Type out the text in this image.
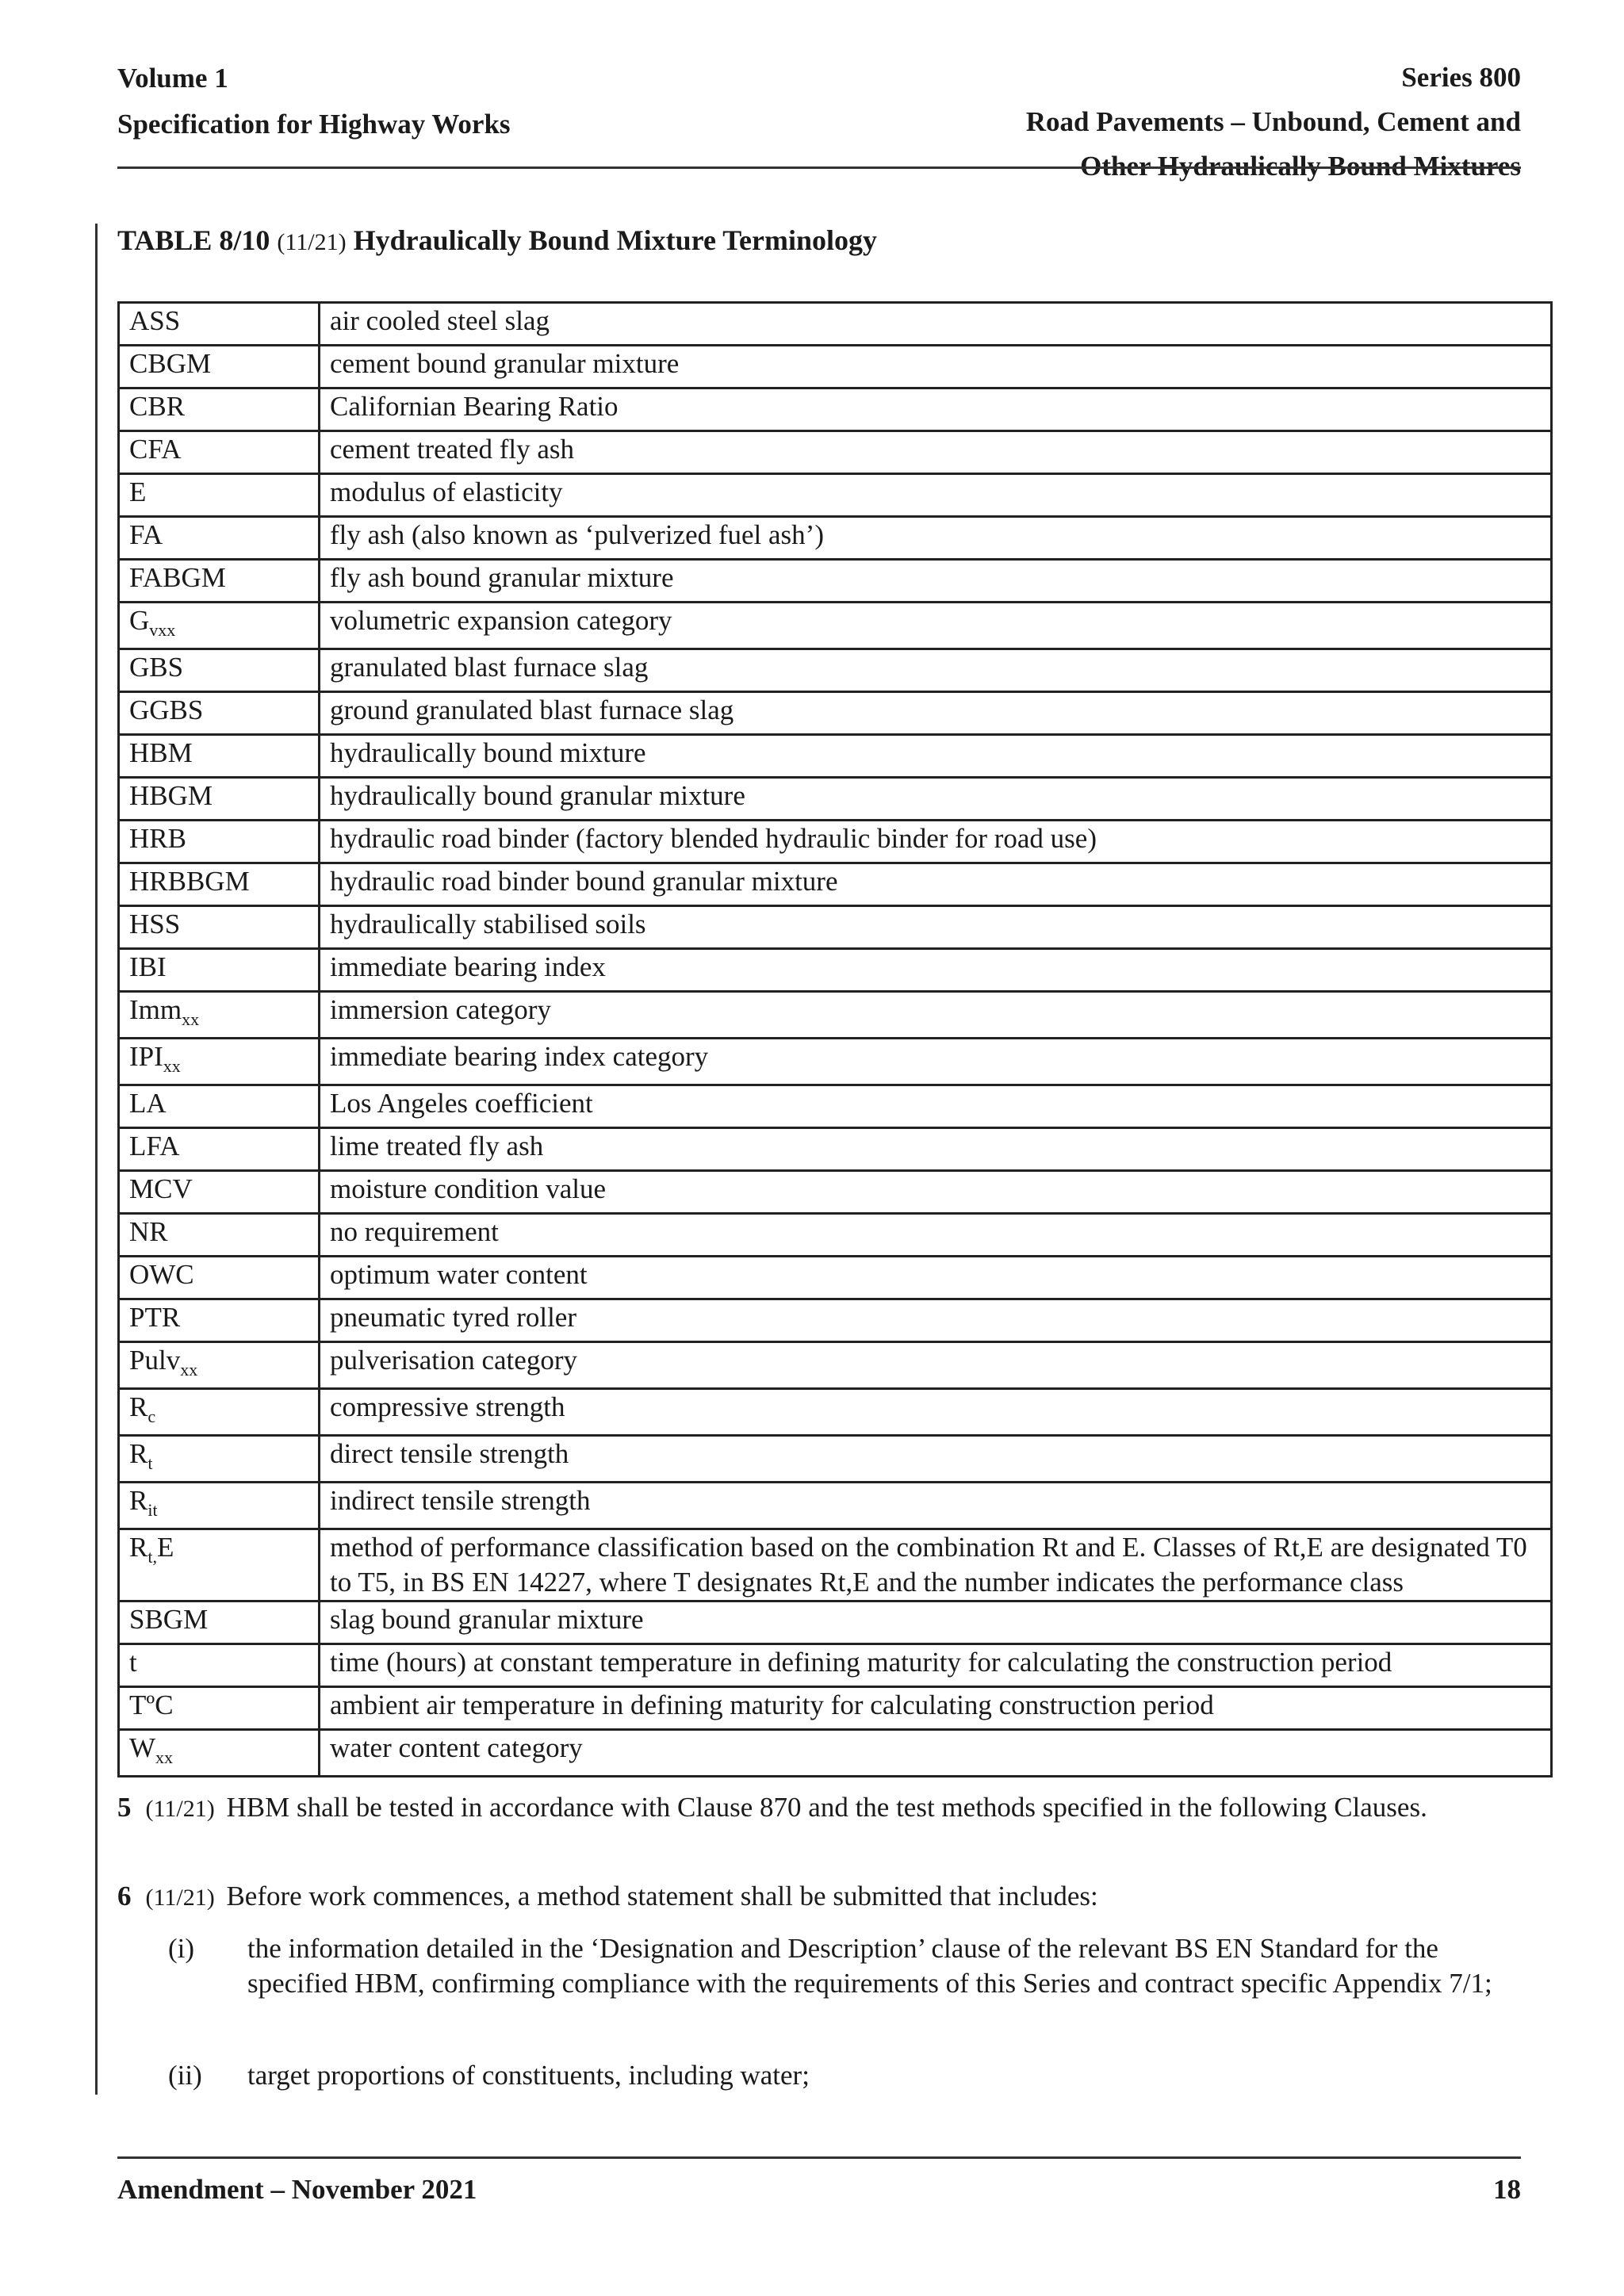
Volume 1
Specification for Highway Works
Series 800
Road Pavements – Unbound, Cement and
Other Hydraulically Bound Mixtures
TABLE 8/10 (11/21) Hydraulically Bound Mixture Terminology
ASS	air cooled steel slag
CBGM	cement bound granular mixture
CBR	Californian Bearing Ratio
CFA	cement treated fly ash
E	modulus of elasticity
FA	fly ash (also known as ‘pulverized fuel ash’)
FABGM	fly ash bound granular mixture
$G_{vxx}$	volumetric expansion category
GBS	granulated blast furnace slag
GGBS	ground granulated blast furnace slag
HBM	hydraulically bound mixture
HBGM	hydraulically bound granular mixture
HRB	hydraulic road binder (factory blended hydraulic binder for road use)
HRBBGM	hydraulic road binder bound granular mixture
HSS	hydraulically stabilised soils
IBI	immediate bearing index
Imm$_{xx}$	immersion category
$IPI_{xx}$	immediate bearing index category
LA	Los Angeles coefficient
LFA	lime treated fly ash
MCV	moisture condition value
NR	no requirement
OWC	optimum water content
PTR	pneumatic tyred roller
Pulv$_{xx}$	pulverisation category
$R_c$	compressive strength
$R_t$	direct tensile strength
$R_{it}$	indirect tensile strength
$R_{t,}E$	method of performance classification based on the combination Rt and E. Classes of Rt,E are designated T0 to T5, in BS EN 14227, where T designates Rt,E and the number indicates the performance class
SBGM	slag bound granular mixture
t	time (hours) at constant temperature in defining maturity for calculating the construction period
TºC	ambient air temperature in defining maturity for calculating construction period
$W_{xx}$	water content category
5 (11/21) HBM shall be tested in accordance with Clause 870 and the test methods specified in the following Clauses.
6 (11/21) Before work commences, a method statement shall be submitted that includes:
(i) the information detailed in the ‘Designation and Description’ clause of the relevant BS EN Standard for the specified HBM, confirming compliance with the requirements of this Series and contract specific Appendix 7/1;
(ii) target proportions of constituents, including water;
Amendment – November 2021	18
